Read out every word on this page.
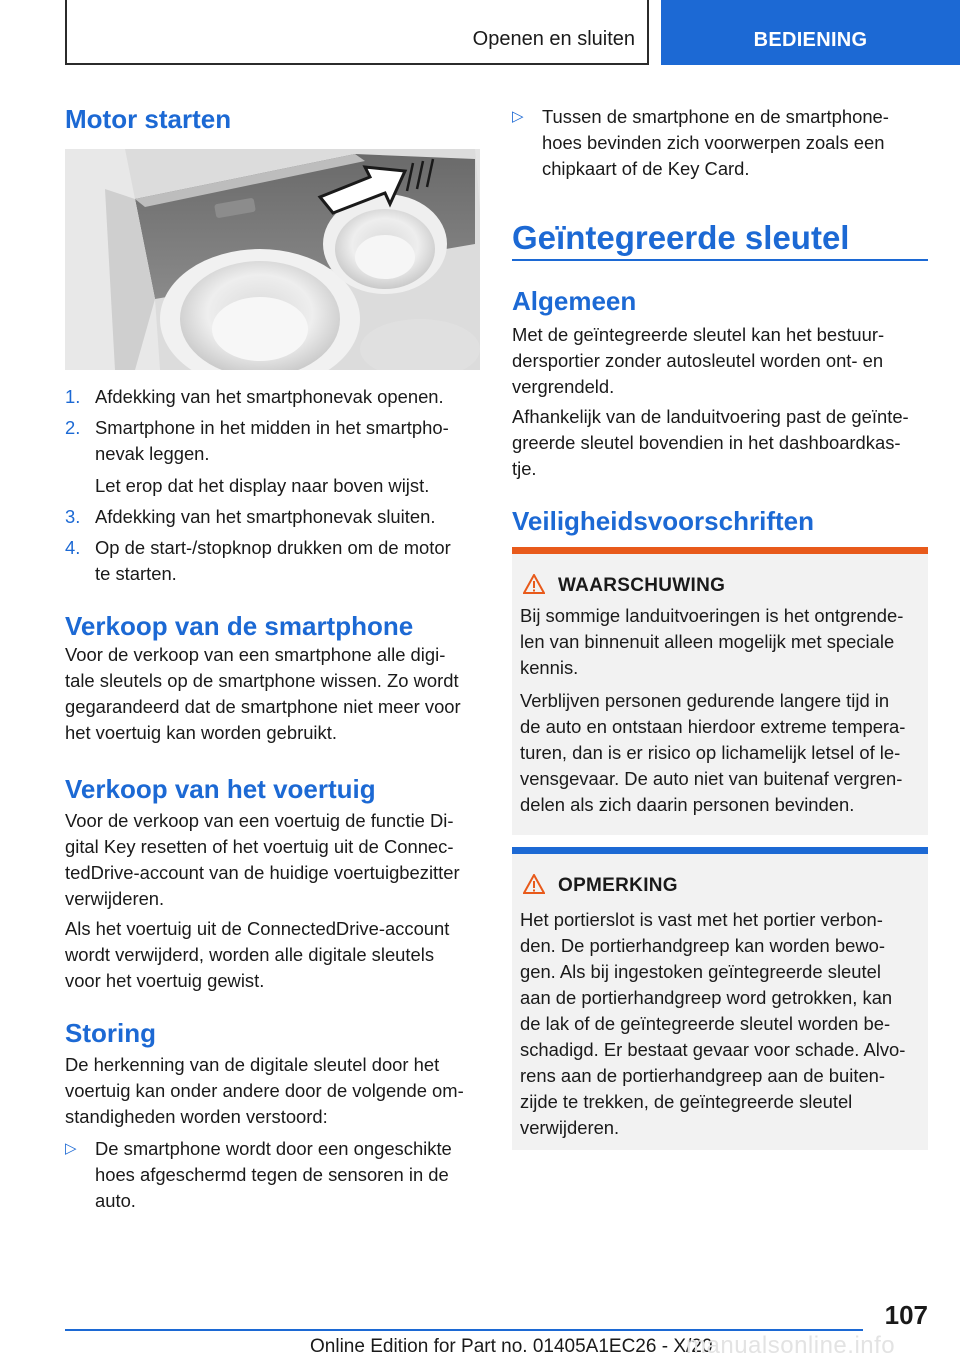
Openen en sluiten	BEDIENING
Motor starten
1. Afdekking van het smartphonevak openen.
2. Smartphone in het midden in het smartpho-
nevak leggen.
Let erop dat het display naar boven wijst.
3. Afdekking van het smartphonevak sluiten.
4. Op de start-/stopknop drukken om de motor
te starten.
Verkoop van de smartphone
Voor de verkoop van een smartphone alle digi-
tale sleutels op de smartphone wissen. Zo wordt
gegarandeerd dat de smartphone niet meer voor
het voertuig kan worden gebruikt.
Verkoop van het voertuig
Voor de verkoop van een voertuig de functie Di-
gital Key resetten of het voertuig uit de Connec-
tedDrive-account van de huidige voertuigbezitter
verwijderen.
Als het voertuig uit de ConnectedDrive-account
wordt verwijderd, worden alle digitale sleutels
voor het voertuig gewist.
Storing
De herkenning van de digitale sleutel door het
voertuig kan onder andere door de volgende om-
standigheden worden verstoord:
▷ De smartphone wordt door een ongeschikte
hoes afgeschermd tegen de sensoren in de
auto.
▷ Tussen de smartphone en de smartphone-
hoes bevinden zich voorwerpen zoals een
chipkaart of de Key Card.
Geïntegreerde sleutel
Algemeen
Met de geïntegreerde sleutel kan het bestuur-
dersportier zonder autosleutel worden ont- en
vergrendeld.
Afhankelijk van de landuitvoering past de geïnte-
greerde sleutel bovendien in het dashboardkas-
tje.
Veiligheidsvoorschriften
WAARSCHUWING
Bij sommige landuitvoeringen is het ontgrende-
len van binnenuit alleen mogelijk met speciale
kennis.
Verblijven personen gedurende langere tijd in
de auto en ontstaan hierdoor extreme tempera-
turen, dan is er risico op lichamelijk letsel of le-
vensgevaar. De auto niet van buitenaf vergren-
delen als zich daarin personen bevinden.
OPMERKING
Het portierslot is vast met het portier verbon-
den. De portierhandgreep kan worden bewo-
gen. Als bij ingestoken geïntegreerde sleutel
aan de portierhandgreep word getrokken, kan
de lak of de geïntegreerde sleutel worden be-
schadigd. Er bestaat gevaar voor schade. Alvo-
rens aan de portierhandgreep aan de buiten-
zijde te trekken, de geïntegreerde sleutel
verwijderen.
107
Online Edition for Part no. 01405A1EC26 - X/20
manualsonline.info
